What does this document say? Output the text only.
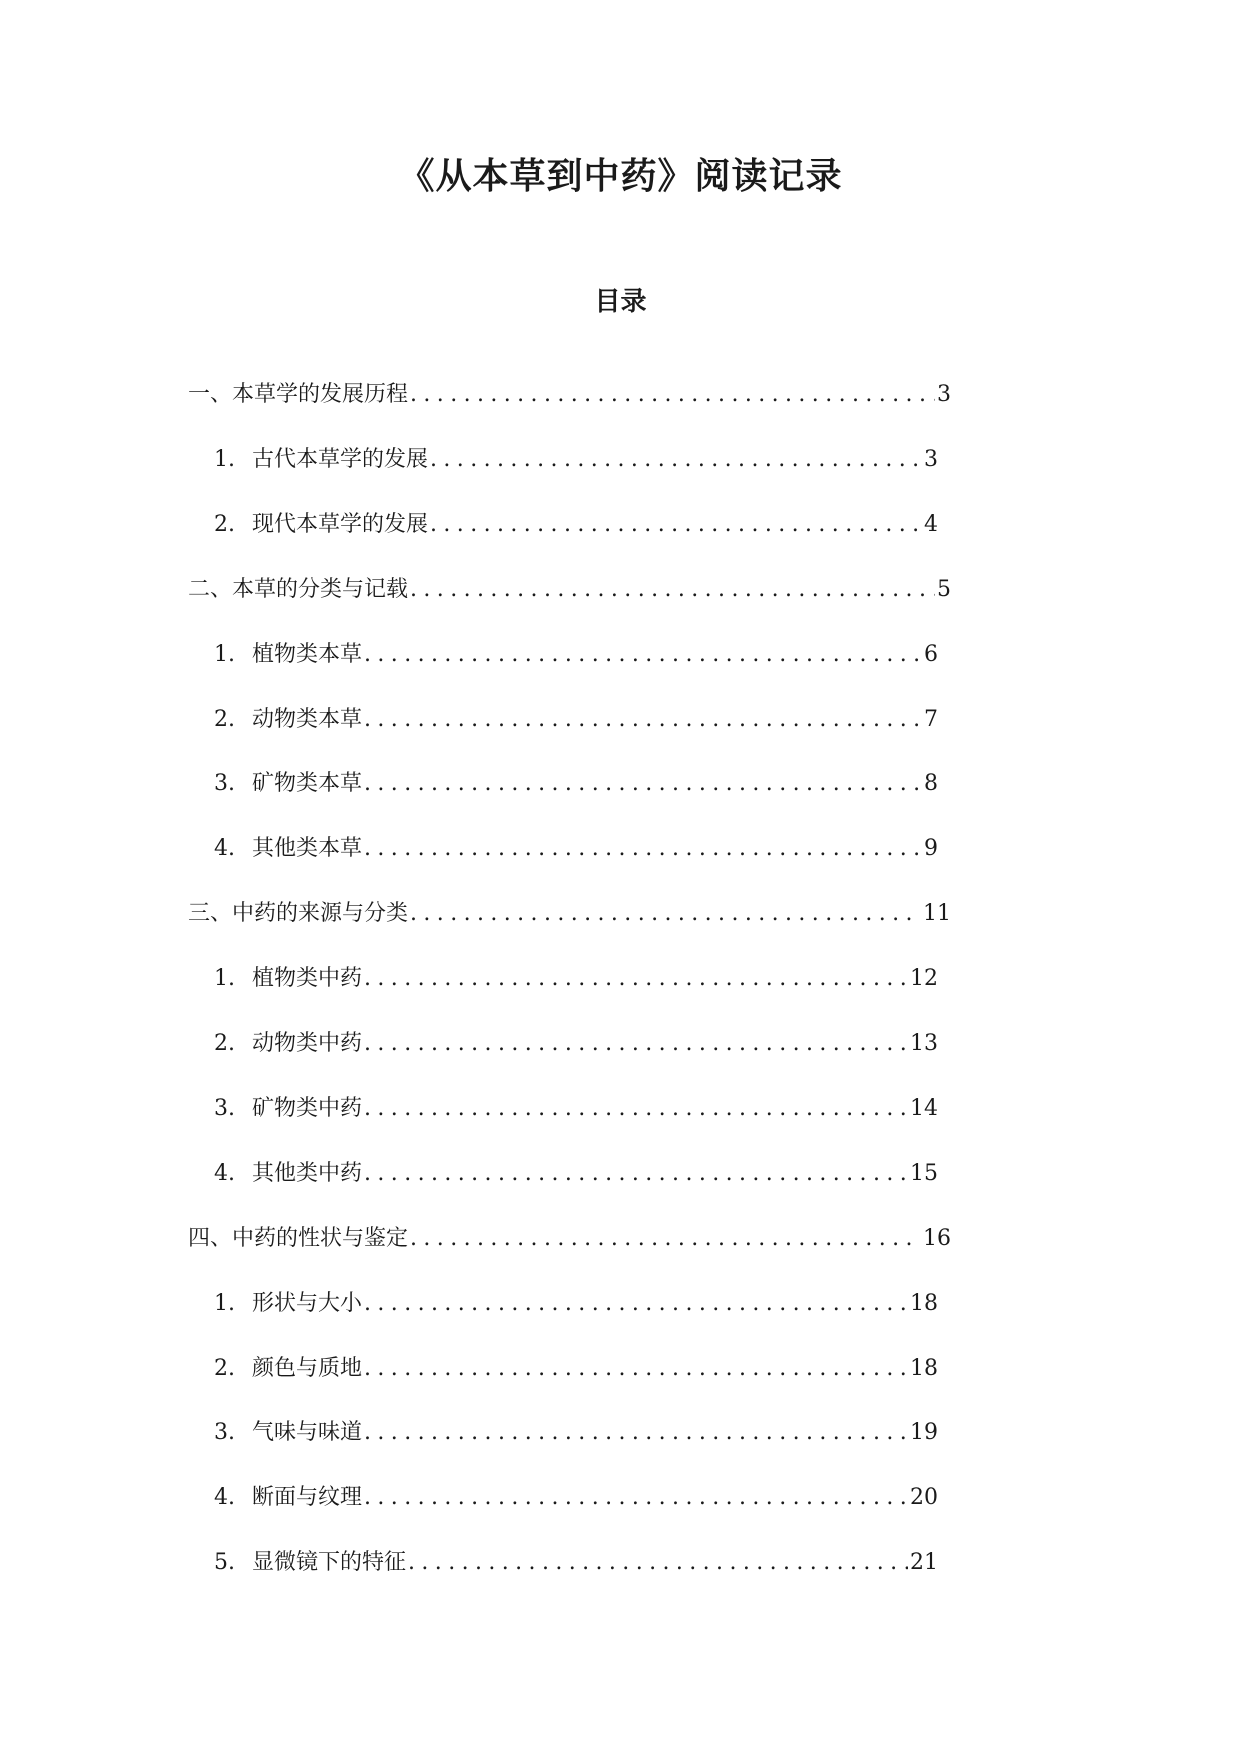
《从本草到中药》阅读记录
目录
一、本草学的发展历程 .....	3
1. 古代本草学的发展 .....	3
2. 现代本草学的发展 .....	4
二、本草的分类与记载 .....	5
1. 植物类本草 .....	6
2. 动物类本草 .....	7
3. 矿物类本草 .....	8
4. 其他类本草 .....	9
三、中药的来源与分类 .....	11
1. 植物类中药 .....	12
2. 动物类中药 .....	13
3. 矿物类中药 .....	14
4. 其他类中药 .....	15
四、中药的性状与鉴定 .....	16
1. 形状与大小 .....	18
2. 颜色与质地 .....	18
3. 气味与味道 .....	19
4. 断面与纹理 .....	20
5. 显微镜下的特征 .....	21
